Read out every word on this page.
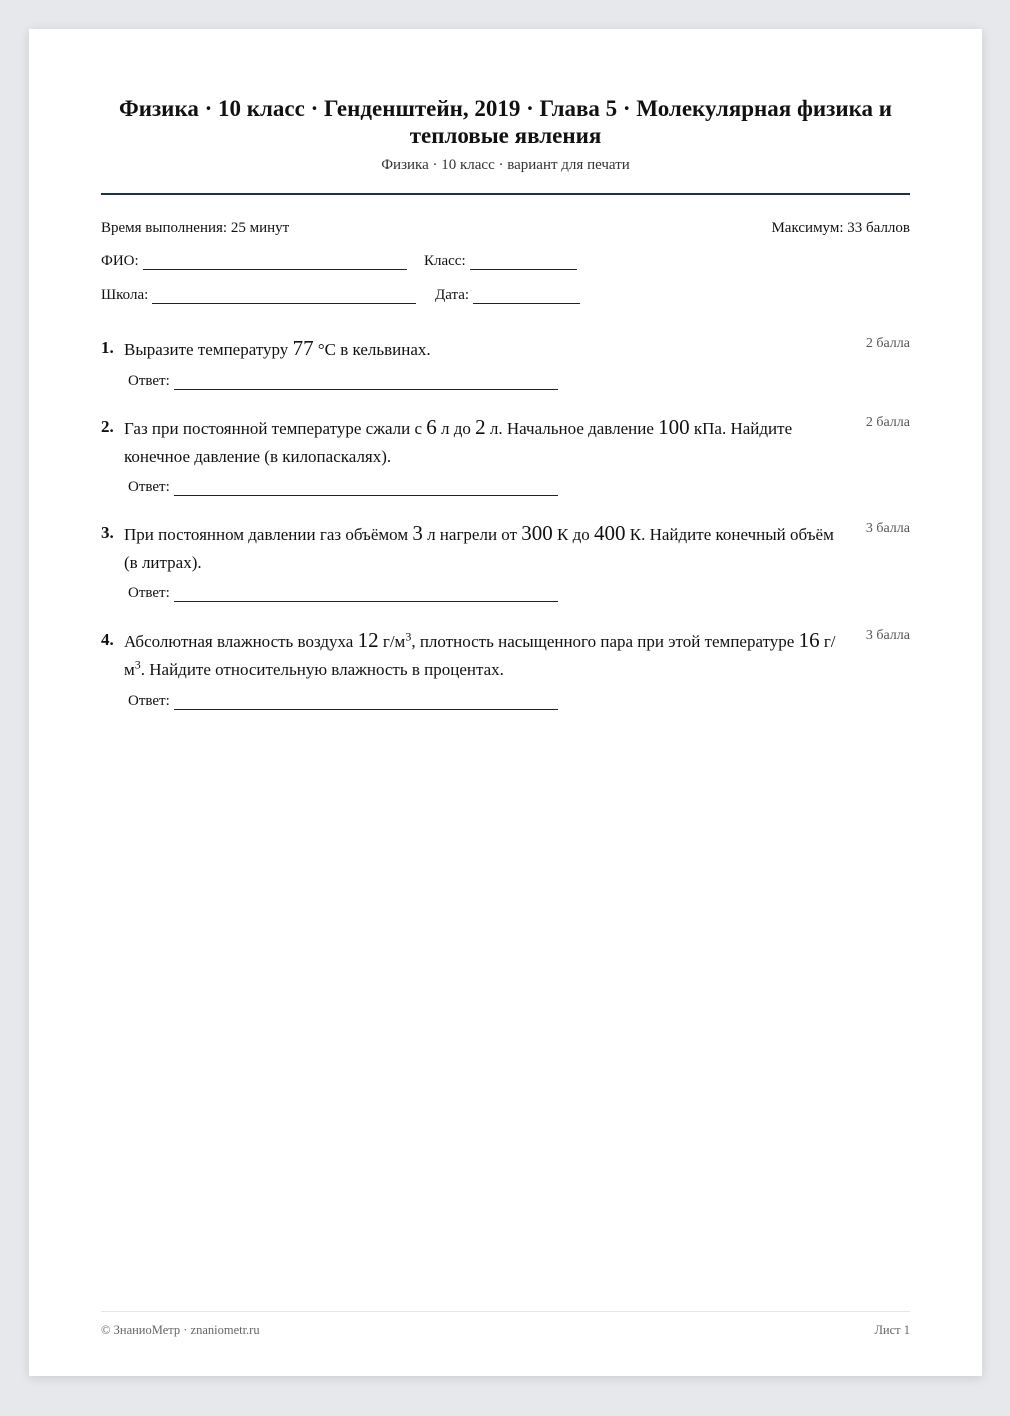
Физика · 10 класс · Генденштейн, 2019 · Глава 5 · Молекулярная физика и тепловые явления
Физика · 10 класс · вариант для печати
Время выполнения: 25 минут	Максимум: 33 баллов
ФИО:	Класс:
Школа:	Дата:
1. Выразите температуру 77 °C в кельвинах.	2 балла
Ответ:
2. Газ при постоянной температуре сжали с 6 л до 2 л. Начальное давление 100 кПа. Найдите конечное давление (в килопаскалях).
2 балла
Ответ:
3. При постоянном давлении газ объёмом 3 л нагрели от 300 К до 400 К. Найдите конечный объём (в литрах).
3 балла
Ответ:
4. Абсолютная влажность воздуха 12 $г/м^3$, плотность насыщенного пара при этой температуре 16 $г/м^3$. Найдите относительную влажность в процентах.
3 балла
Ответ:
© ЗнаниоМетр · znaniometr.ru	Лист 1
